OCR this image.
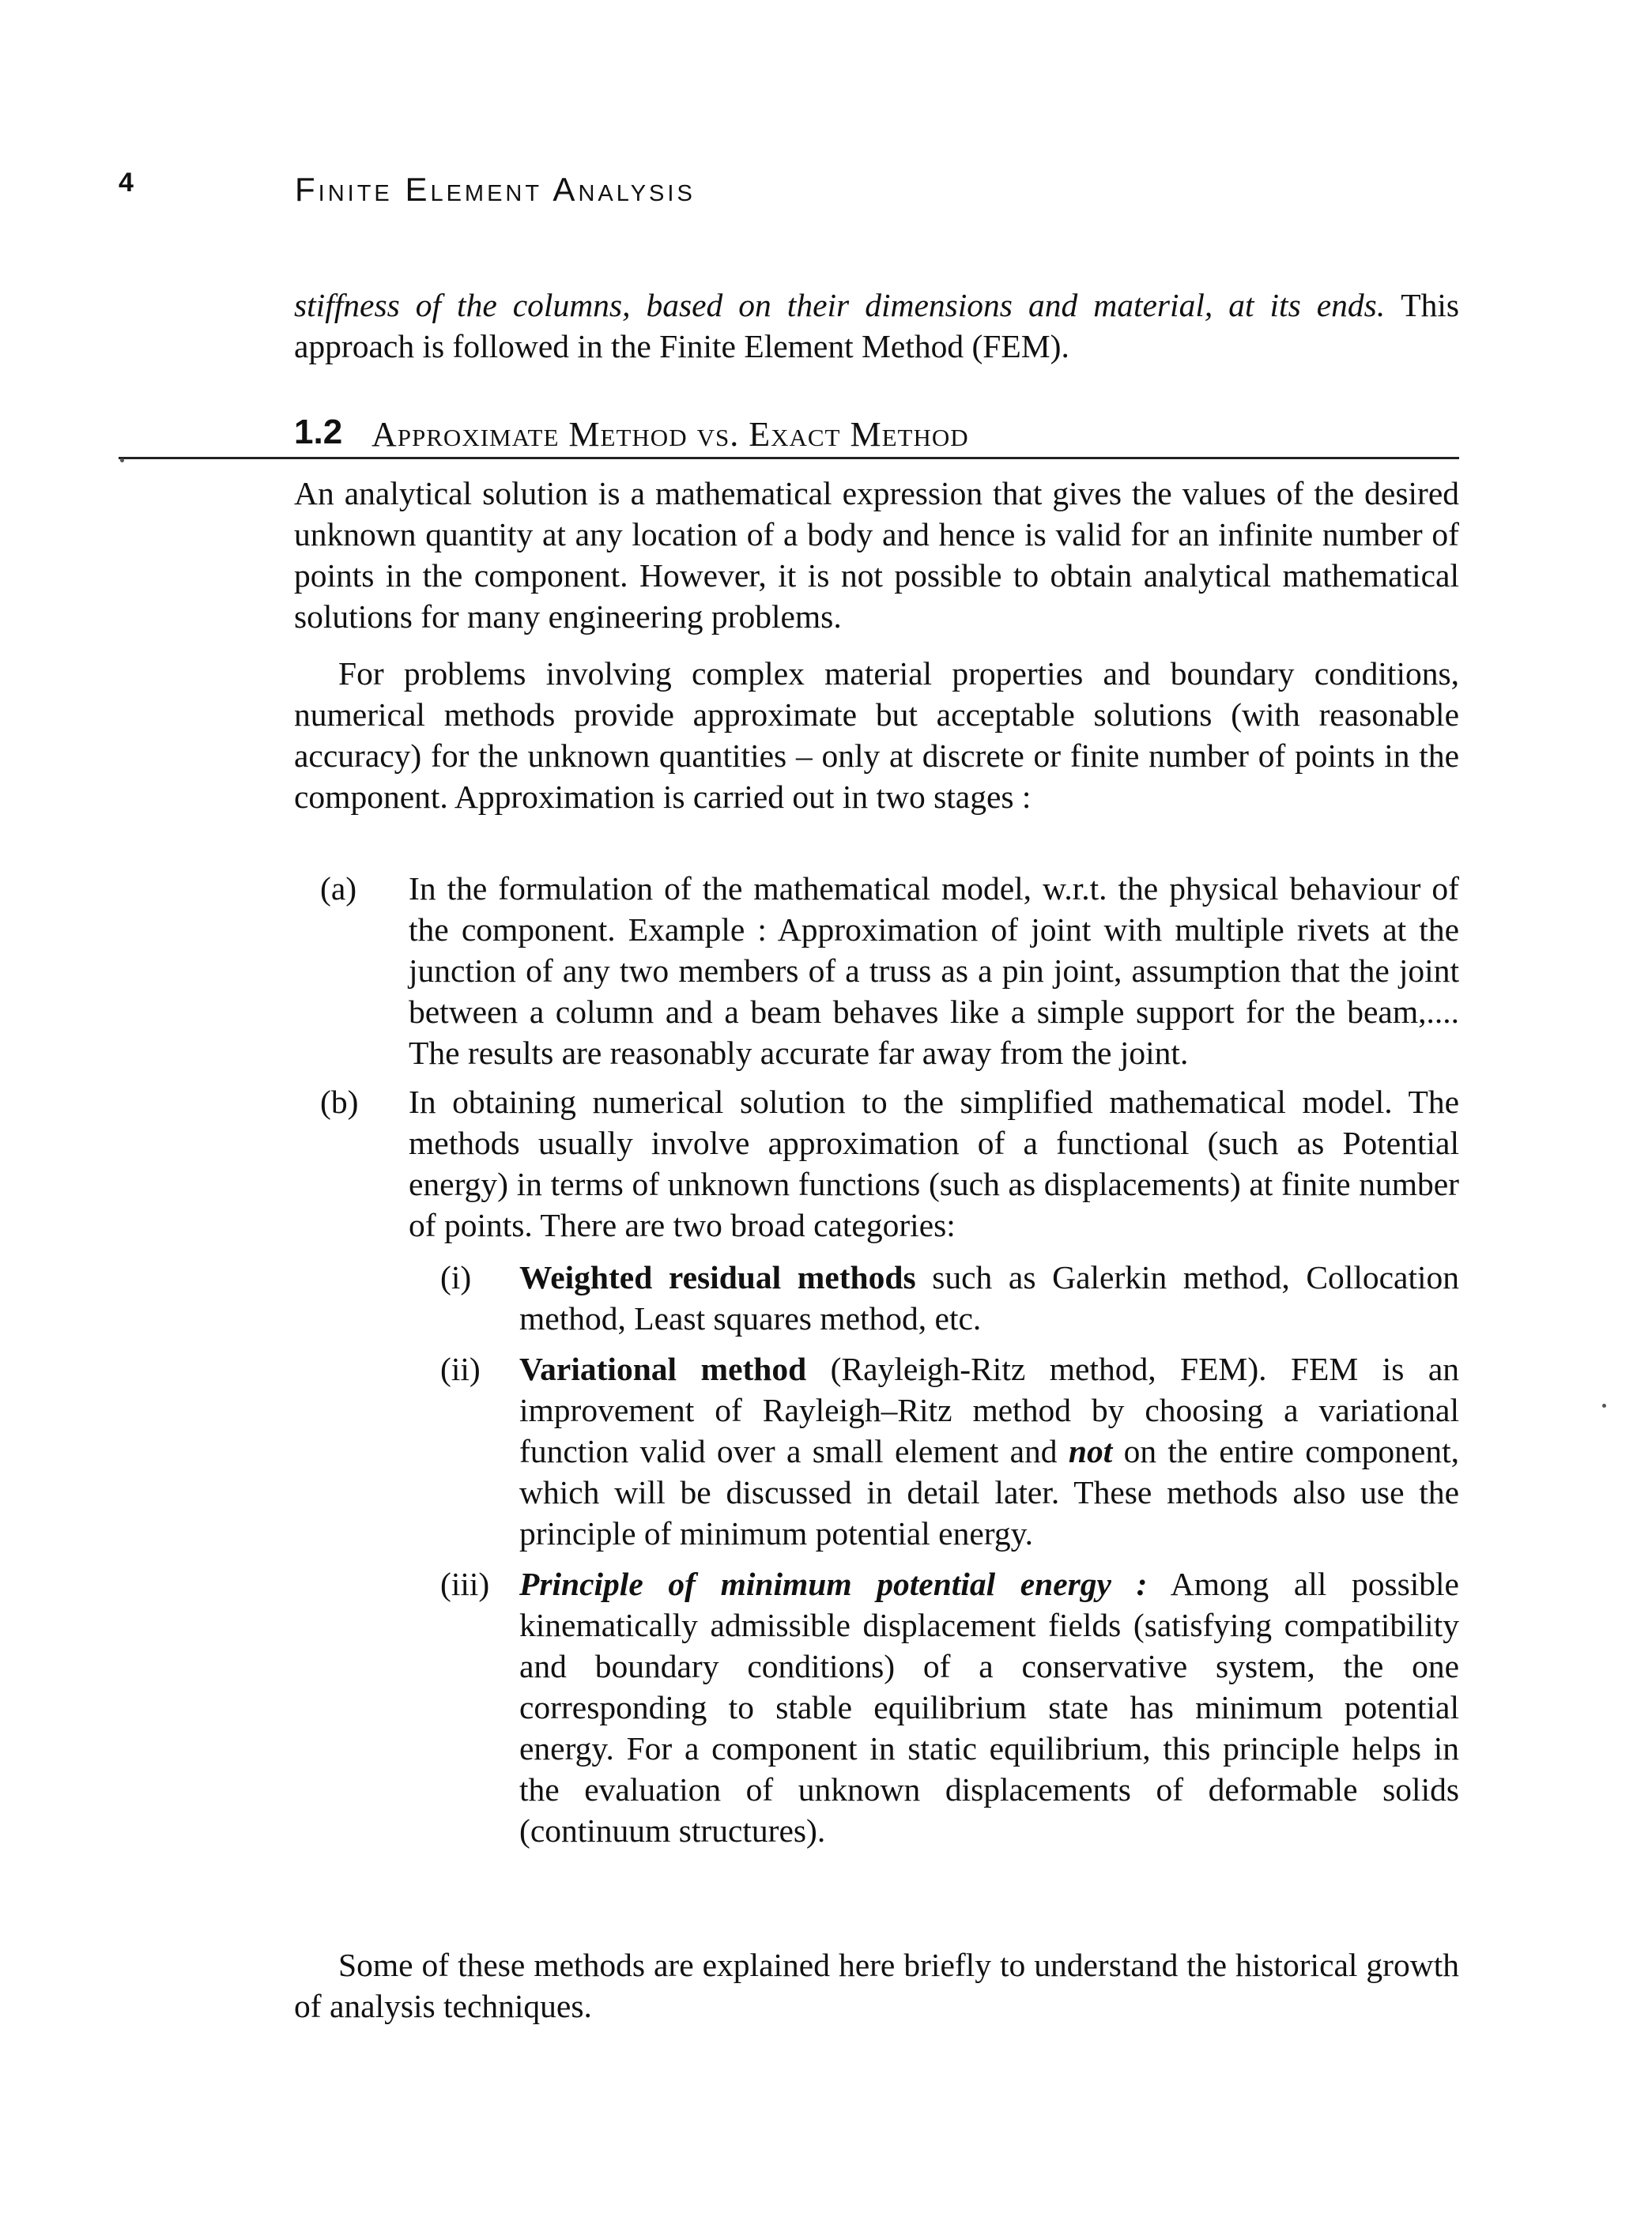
4	Finite Element Analysis
stiffness of the columns, based on their dimensions and material, at its ends. This approach is followed in the Finite Element Method (FEM).
1.2 Approximate Method vs. Exact Method
An analytical solution is a mathematical expression that gives the values of the desired unknown quantity at any location of a body and hence is valid for an infinite number of points in the component. However, it is not possible to obtain analytical mathematical solutions for many engineering problems.
For problems involving complex material properties and boundary conditions, numerical methods provide approximate but acceptable solutions (with reasonable accuracy) for the unknown quantities – only at discrete or finite number of points in the component. Approximation is carried out in two stages :
(a)	In the formulation of the mathematical model, w.r.t. the physical behaviour of the component. Example : Approximation of joint with multiple rivets at the junction of any two members of a truss as a pin joint, assumption that the joint between a column and a beam behaves like a simple support for the beam,.... The results are reasonably accurate far away from the joint.
(b)	In obtaining numerical solution to the simplified mathematical model. The methods usually involve approximation of a functional (such as Potential energy) in terms of unknown functions (such as displacements) at finite number of points. There are two broad categories:
(i)	Weighted residual methods such as Galerkin method, Collocation method, Least squares method, etc.
(ii)	Variational method (Rayleigh-Ritz method, FEM). FEM is an improvement of Rayleigh–Ritz method by choosing a variational function valid over a small element and not on the entire component, which will be discussed in detail later. These methods also use the principle of minimum potential energy.
(iii) Principle of minimum potential energy : Among all possible kinematically admissible displacement fields (satisfying compatibility and boundary conditions) of a conservative system, the one corresponding to stable equilibrium state has minimum potential energy. For a component in static equilibrium, this principle helps in the evaluation of unknown displacements of deformable solids (continuum structures).
Some of these methods are explained here briefly to understand the historical growth of analysis techniques.
